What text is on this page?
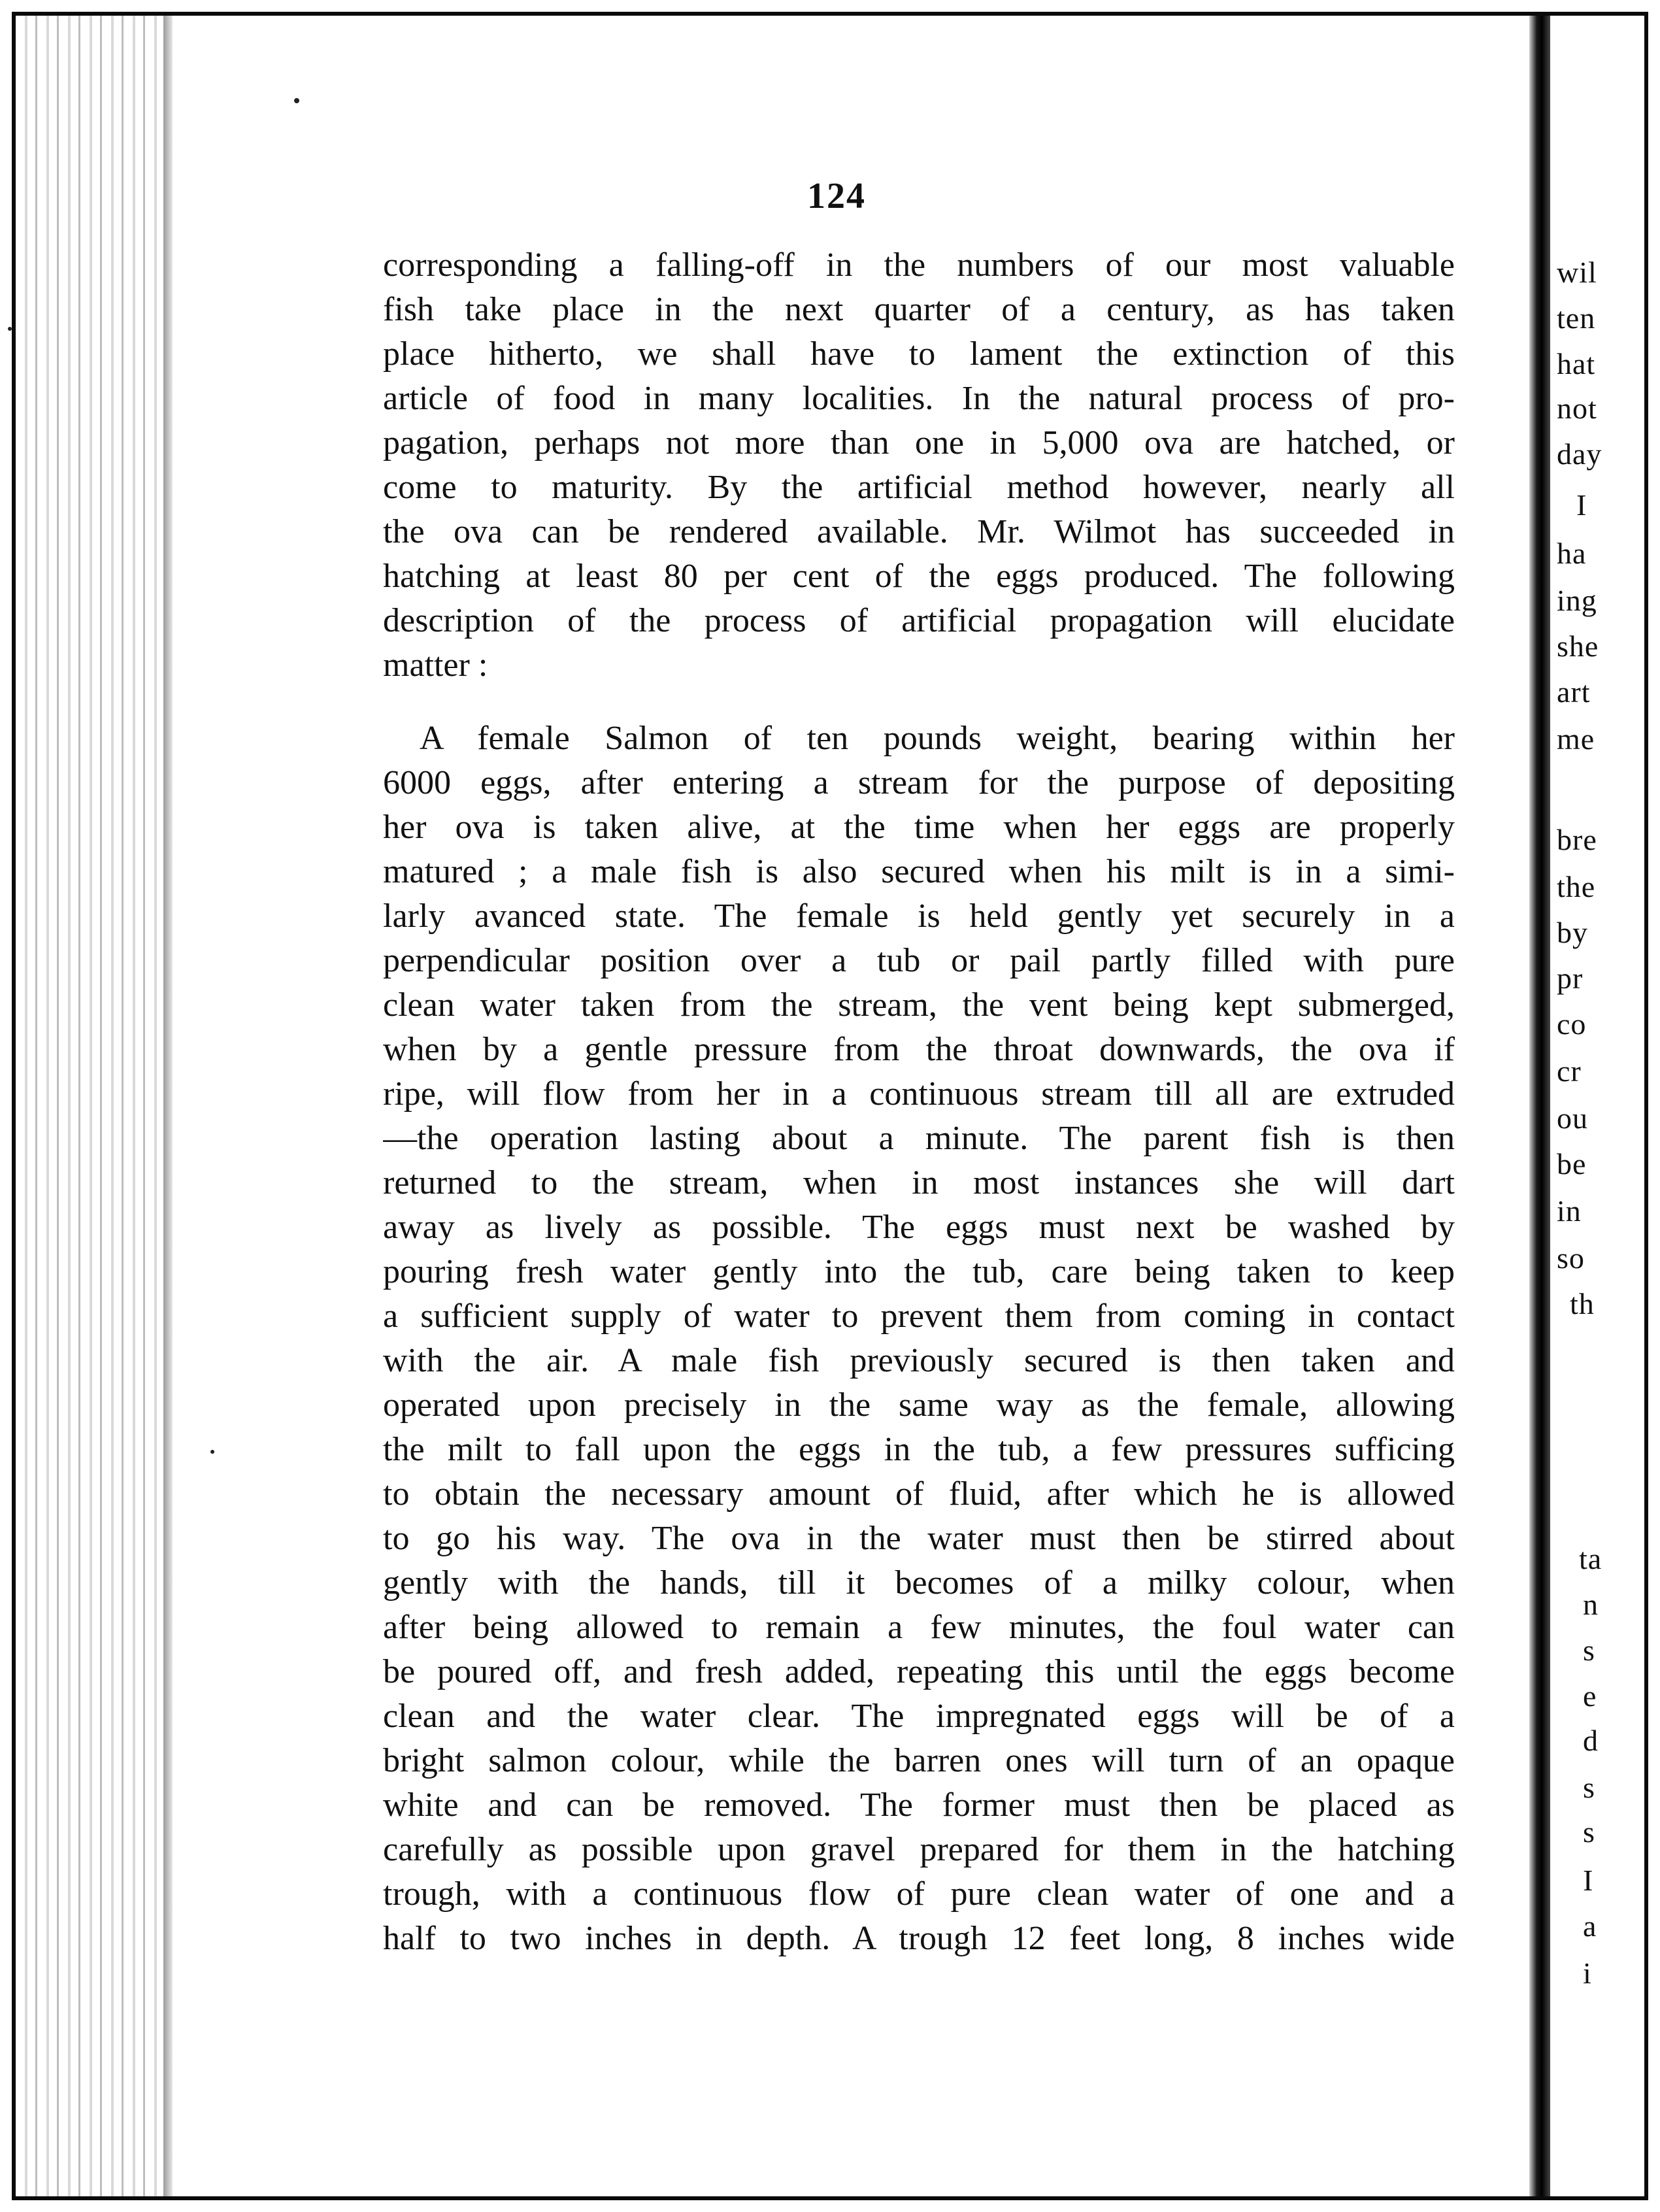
124
corresponding a falling-off in the numbers of our most valuable
fish take place in the next quarter of a century, as has taken
place hitherto, we shall have to lament the extinction of this
article of food in many localities. In the natural process of pro-
pagation, perhaps not more than one in 5,000 ova are hatched, or
come to maturity. By the artificial method however, nearly all
the ova can be rendered available. Mr. Wilmot has succeeded in
hatching at least 80 per cent of the eggs produced. The following
description of the process of artificial propagation will elucidate
matter :
A female Salmon of ten pounds weight, bearing within her
6000 eggs, after entering a stream for the purpose of depositing
her ova is taken alive, at the time when her eggs are properly
matured ; a male fish is also secured when his milt is in a simi-
larly avanced state. The female is held gently yet securely in a
perpendicular position over a tub or pail partly filled with pure
clean water taken from the stream, the vent being kept submerged,
when by a gentle pressure from the throat downwards, the ova if
ripe, will flow from her in a continuous stream till all are extruded
—the operation lasting about a minute. The parent fish is then
returned to the stream, when in most instances she will dart
away as lively as possible. The eggs must next be washed by
pouring fresh water gently into the tub, care being taken to keep
a sufficient supply of water to prevent them from coming in contact
with the air. A male fish previously secured is then taken and
operated upon precisely in the same way as the female, allowing
the milt to fall upon the eggs in the tub, a few pressures sufficing
to obtain the necessary amount of fluid, after which he is allowed
to go his way. The ova in the water must then be stirred about
gently with the hands, till it becomes of a milky colour, when
after being allowed to remain a few minutes, the foul water can
be poured off, and fresh added, repeating this until the eggs become
clean and the water clear. The impregnated eggs will be of a
bright salmon colour, while the barren ones will turn of an opaque
white and can be removed. The former must then be placed as
carefully as possible upon gravel prepared for them in the hatching
trough, with a continuous flow of pure clean water of one and a
half to two inches in depth. A trough 12 feet long, 8 inches wide
wil
ten
hat
not
day
I
ha
ing
she
art
me
bre
the
by
pr
co
cr
ou
be
in
so
th
ta
n
s
e
d
s
s
I
a
i
